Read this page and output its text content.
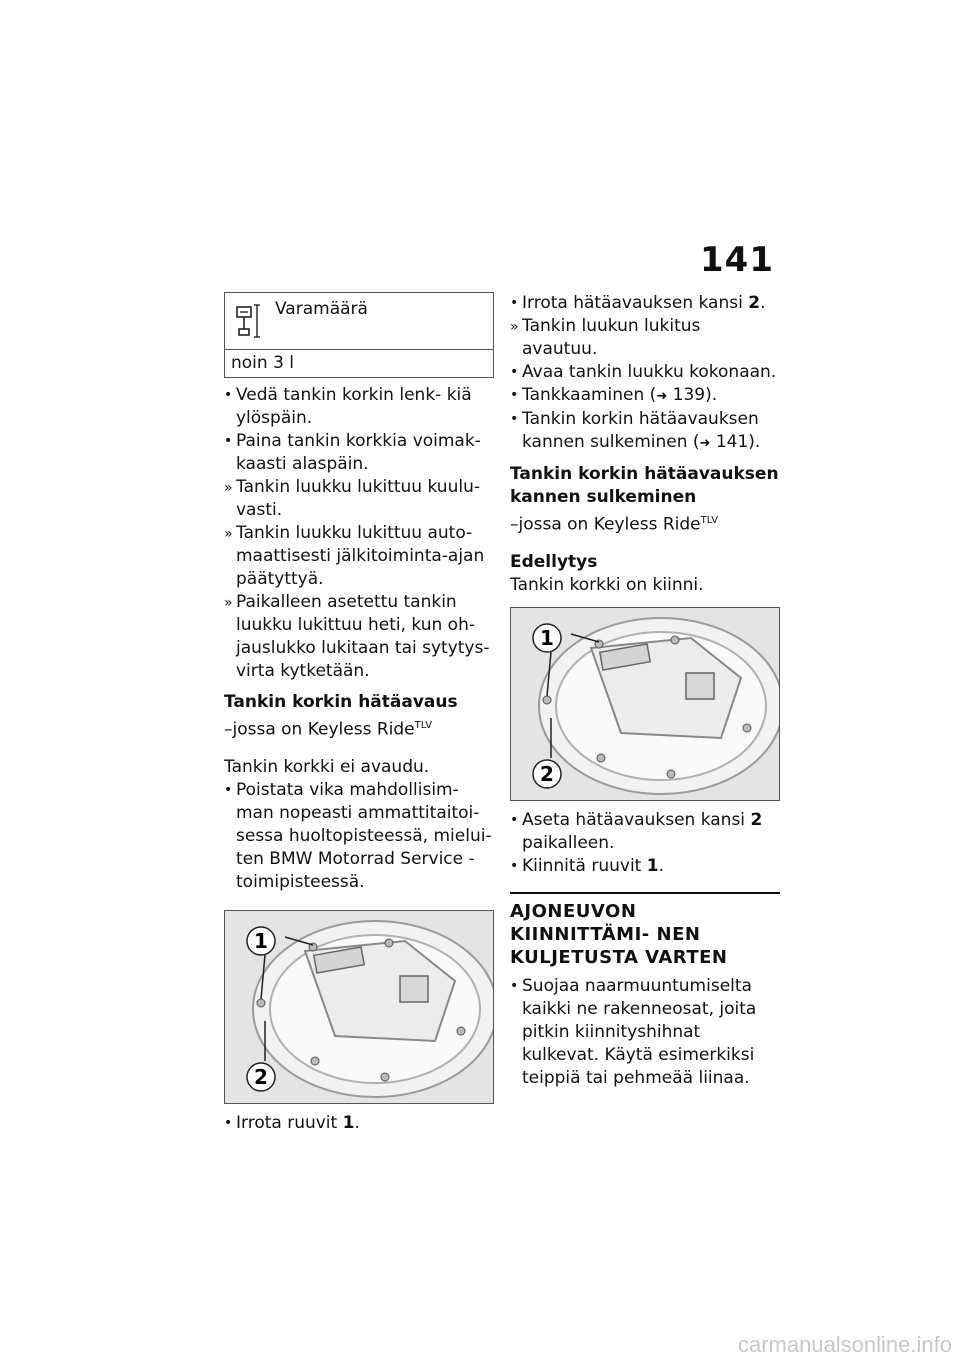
141
Varamäärä
noin 3 l

• Vedä tankin korkin lenk- kiä ylöspäin.

• Paina tankin korkkia voimak- kaasti alaspäin.

» Tankin luukku lukittuu kuulu- vasti.

» Tankin luukku lukittuu auto- maattisesti jälkitoiminta-ajan päätyttyä.

» Paikalleen asetettu tankin luukku lukittuu heti, kun oh- jauslukko lukitaan tai sytytys- virta kytketään.

Tankin korkin hätäavaus
–jossa on Keyless Ride$^{TLV}$
Tankin korkki ei avaudu.

• Poistata vika mahdollisim- man nopeasti ammattitaitoi- sessa huoltopisteessä, mielui- ten BMW Motorrad Service -toimipisteessä.

1
2

• Irrota ruuvit 1.

• Irrota hätäavauksen kansi 2.

» Tankin luukun lukitus avautuu.

• Avaa tankin luukku kokonaan.

• Tankkaaminen (➜ 139).

• Tankin korkin hätäavauksen kannen sulkeminen (➜ 141).

Tankin korkin hätäavauksen kannen sulkeminen
–jossa on Keyless Ride$^{TLV}$
Edellytys
Tankin korkki on kiinni.
1
2

• Aseta hätäavauksen kansi 2 paikalleen.

• Kiinnitä ruuvit 1.

AJONEUVON KIINNITTÄMI- NEN KULJETUSTA VARTEN

• Suojaa naarmuuntumiselta kaikki ne rakenneosat, joita pitkin kiinnityshihnat kulkevat. Käytä esimerkiksi teippiä tai pehmeää liinaa.

carmanualsonline.info
